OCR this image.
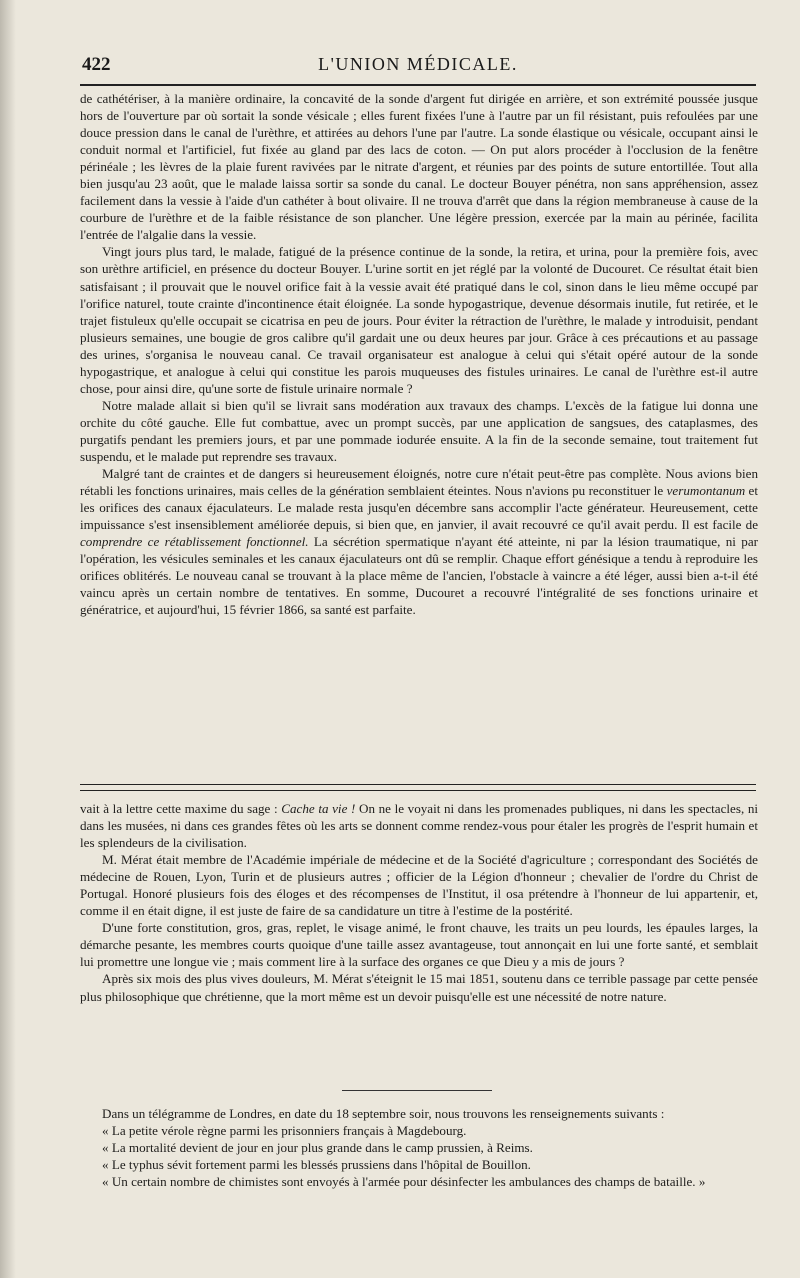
422	L'UNION MÉDICALE.

de cathétériser, à la manière ordinaire, la concavité de la sonde d'argent fut dirigée en arrière, et son extrémité poussée jusque hors de l'ouverture par où sortait la sonde vésicale ; elles furent fixées l'une à l'autre par un fil résistant, puis refoulées par une douce pression dans le canal de l'urèthre, et attirées au dehors l'une par l'autre. La sonde élastique ou vésicale, occupant ainsi le conduit normal et l'artificiel, fut fixée au gland par des lacs de coton. — On put alors procéder à l'occlusion de la fenêtre périnéale ; les lèvres de la plaie furent ravivées par le nitrate d'argent, et réunies par des points de suture entortillée. Tout alla bien jusqu'au 23 août, que le malade laissa sortir sa sonde du canal. Le docteur Bouyer pénétra, non sans appréhension, assez facilement dans la vessie à l'aide d'un cathéter à bout olivaire. Il ne trouva d'arrêt que dans la région membraneuse à cause de la courbure de l'urèthre et de la faible résistance de son plancher. Une légère pression, exercée par la main au périnée, facilita l'entrée de l'algalie dans la vessie.

Vingt jours plus tard, le malade, fatigué de la présence continue de la sonde, la retira, et urina, pour la première fois, avec son urèthre artificiel, en présence du docteur Bouyer. L'urine sortit en jet réglé par la volonté de Ducouret. Ce résultat était bien satisfaisant ; il prouvait que le nouvel orifice fait à la vessie avait été pratiqué dans le col, sinon dans le lieu même occupé par l'orifice naturel, toute crainte d'incontinence était éloignée. La sonde hypogastrique, devenue désormais inutile, fut retirée, et le trajet fistuleux qu'elle occupait se cicatrisa en peu de jours. Pour éviter la rétraction de l'urèthre, le malade y introduisit, pendant plusieurs semaines, une bougie de gros calibre qu'il gardait une ou deux heures par jour. Grâce à ces précautions et au passage des urines, s'organisa le nouveau canal. Ce travail organisateur est analogue à celui qui s'était opéré autour de la sonde hypogastrique, et analogue à celui qui constitue les parois muqueuses des fistules urinaires. Le canal de l'urèthre est-il autre chose, pour ainsi dire, qu'une sorte de fistule urinaire normale ?

Notre malade allait si bien qu'il se livrait sans modération aux travaux des champs. L'excès de la fatigue lui donna une orchite du côté gauche. Elle fut combattue, avec un prompt succès, par une application de sangsues, des cataplasmes, des purgatifs pendant les premiers jours, et par une pommade iodurée ensuite. A la fin de la seconde semaine, tout traitement fut suspendu, et le malade put reprendre ses travaux.

Malgré tant de craintes et de dangers si heureusement éloignés, notre cure n'était peut-être pas complète. Nous avions bien rétabli les fonctions urinaires, mais celles de la génération semblaient éteintes. Nous n'avions pu reconstituer le verumontanum et les orifices des canaux éjaculateurs. Le malade resta jusqu'en décembre sans accomplir l'acte générateur. Heureusement, cette impuissance s'est insensiblement améliorée depuis, si bien que, en janvier, il avait recouvré ce qu'il avait perdu. Il est facile de comprendre ce rétablissement fonctionnel. La sécrétion spermatique n'ayant été atteinte, ni par la lésion traumatique, ni par l'opération, les vésicules seminales et les canaux éjaculateurs ont dû se remplir. Chaque effort génésique a tendu à reproduire les orifices oblitérés. Le nouveau canal se trouvant à la place même de l'ancien, l'obstacle à vaincre a été léger, aussi bien a-t-il été vaincu après un certain nombre de tentatives. En somme, Ducouret a recouvré l'intégralité de ses fonctions urinaire et génératrice, et aujourd'hui, 15 février 1866, sa santé est parfaite.

vait à la lettre cette maxime du sage : Cache ta vie ! On ne le voyait ni dans les promenades publiques, ni dans les spectacles, ni dans les musées, ni dans ces grandes fêtes où les arts se donnent comme rendez-vous pour étaler les progrès de l'esprit humain et les splendeurs de la civilisation.

M. Mérat était membre de l'Académie impériale de médecine et de la Société d'agriculture ; correspondant des Sociétés de médecine de Rouen, Lyon, Turin et de plusieurs autres ; officier de la Légion d'honneur ; chevalier de l'ordre du Christ de Portugal. Honoré plusieurs fois des éloges et des récompenses de l'Institut, il osa prétendre à l'honneur de lui appartenir, et, comme il en était digne, il est juste de faire de sa candidature un titre à l'estime de la postérité.

D'une forte constitution, gros, gras, replet, le visage animé, le front chauve, les traits un peu lourds, les épaules larges, la démarche pesante, les membres courts quoique d'une taille assez avantageuse, tout annonçait en lui une forte santé, et semblait lui promettre une longue vie ; mais comment lire à la surface des organes ce que Dieu y a mis de jours ?

Après six mois des plus vives douleurs, M. Mérat s'éteignit le 15 mai 1851, soutenu dans ce terrible passage par cette pensée plus philosophique que chrétienne, que la mort même est un devoir puisqu'elle est une nécessité de notre nature.

Dans un télégramme de Londres, en date du 18 septembre soir, nous trouvons les renseignements suivants :

« La petite vérole règne parmi les prisonniers français à Magdebourg.

« La mortalité devient de jour en jour plus grande dans le camp prussien, à Reims.

« Le typhus sévit fortement parmi les blessés prussiens dans l'hôpital de Bouillon.

« Un certain nombre de chimistes sont envoyés à l'armée pour désinfecter les ambulances des champs de bataille. »
